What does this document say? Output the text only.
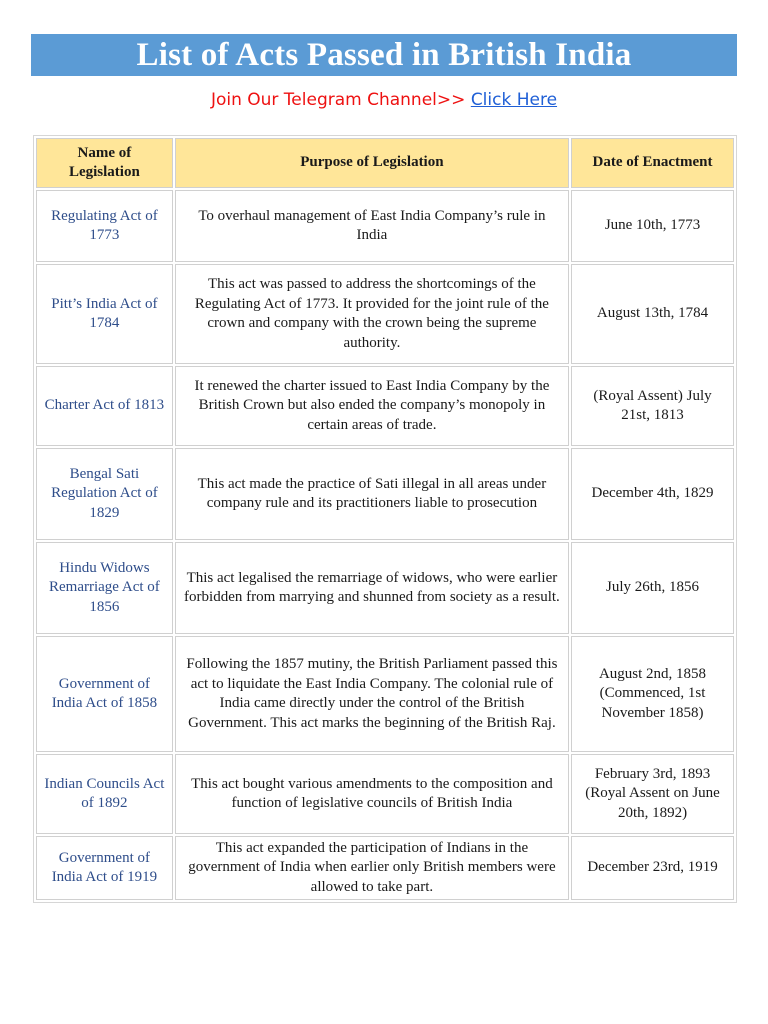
List of Acts Passed in British India
Join Our Telegram Channel>> Click Here
Name of Legislation	Purpose of Legislation	Date of Enactment
Regulating Act of 1773	To overhaul management of East India Company’s rule in India	June 10th, 1773
Pitt’s India Act of 1784	This act was passed to address the shortcomings of the Regulating Act of 1773. It provided for the joint rule of the crown and company with the crown being the supreme authority.	August 13th, 1784
Charter Act of 1813	It renewed the charter issued to East India Company by the British Crown but also ended the company’s monopoly in certain areas of trade.	(Royal Assent) July 21st, 1813
Bengal Sati Regulation Act of 1829	This act made the practice of Sati illegal in all areas under company rule and its practitioners liable to prosecution	December 4th, 1829
Hindu Widows Remarriage Act of 1856	This act legalised the remarriage of widows, who were earlier forbidden from marrying and shunned from society as a result.	July 26th, 1856
Government of India Act of 1858	Following the 1857 mutiny, the British Parliament passed this act to liquidate the East India Company. The colonial rule of India came directly under the control of the British Government. This act marks the beginning of the British Raj.	August 2nd, 1858 (Commenced, 1st November 1858)
Indian Councils Act of 1892	This act bought various amendments to the composition and function of legislative councils of British India	February 3rd, 1893 (Royal Assent on June 20th, 1892)
Government of India Act of 1919	This act expanded the participation of Indians in the government of India when earlier only British members were allowed to take part.	December 23rd, 1919
